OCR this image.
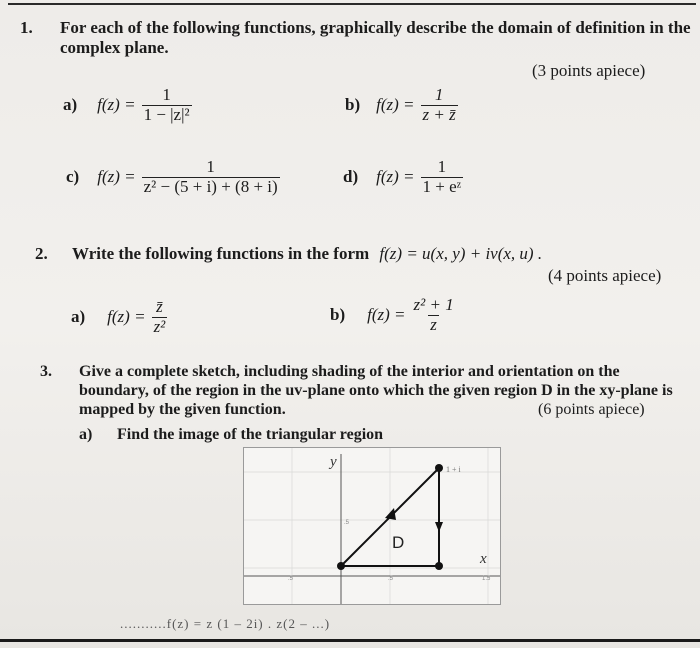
1. For each of the following functions, graphically describe the domain of definition in the
complex plane.
(3 points apiece)
a) $f(z) = \frac{1}{\text{1 − |z|²}}$	b) $f(z) = \frac{1}{z + z̄}$
c) $f(z) = \frac{1}{\text{z² − (5 + i) + (8 + i)}}$	d) $f(z) = \frac{1}{\text{1 + eᶻ}}$
2. Write the following functions in the form f(z) = u(x, y) + iv(x, u) .
(4 points apiece)
a) $f(z) = \frac{z̄}{\text{z²}}$	b) $f(z) = \frac{\text{z² + 1}}{z}$
3. Give a complete sketch, including shading of the interior and orientation on the
boundary, of the region in the uv-plane onto which the given region D in the xy-plane is
mapped by the given function.	(6 points apiece)
a) Find the image of the triangular region
y
x
D
1 + i
.5
.5	.5	1.5
...........f(z) = z (1 – 2i) . z(2 – ...)
